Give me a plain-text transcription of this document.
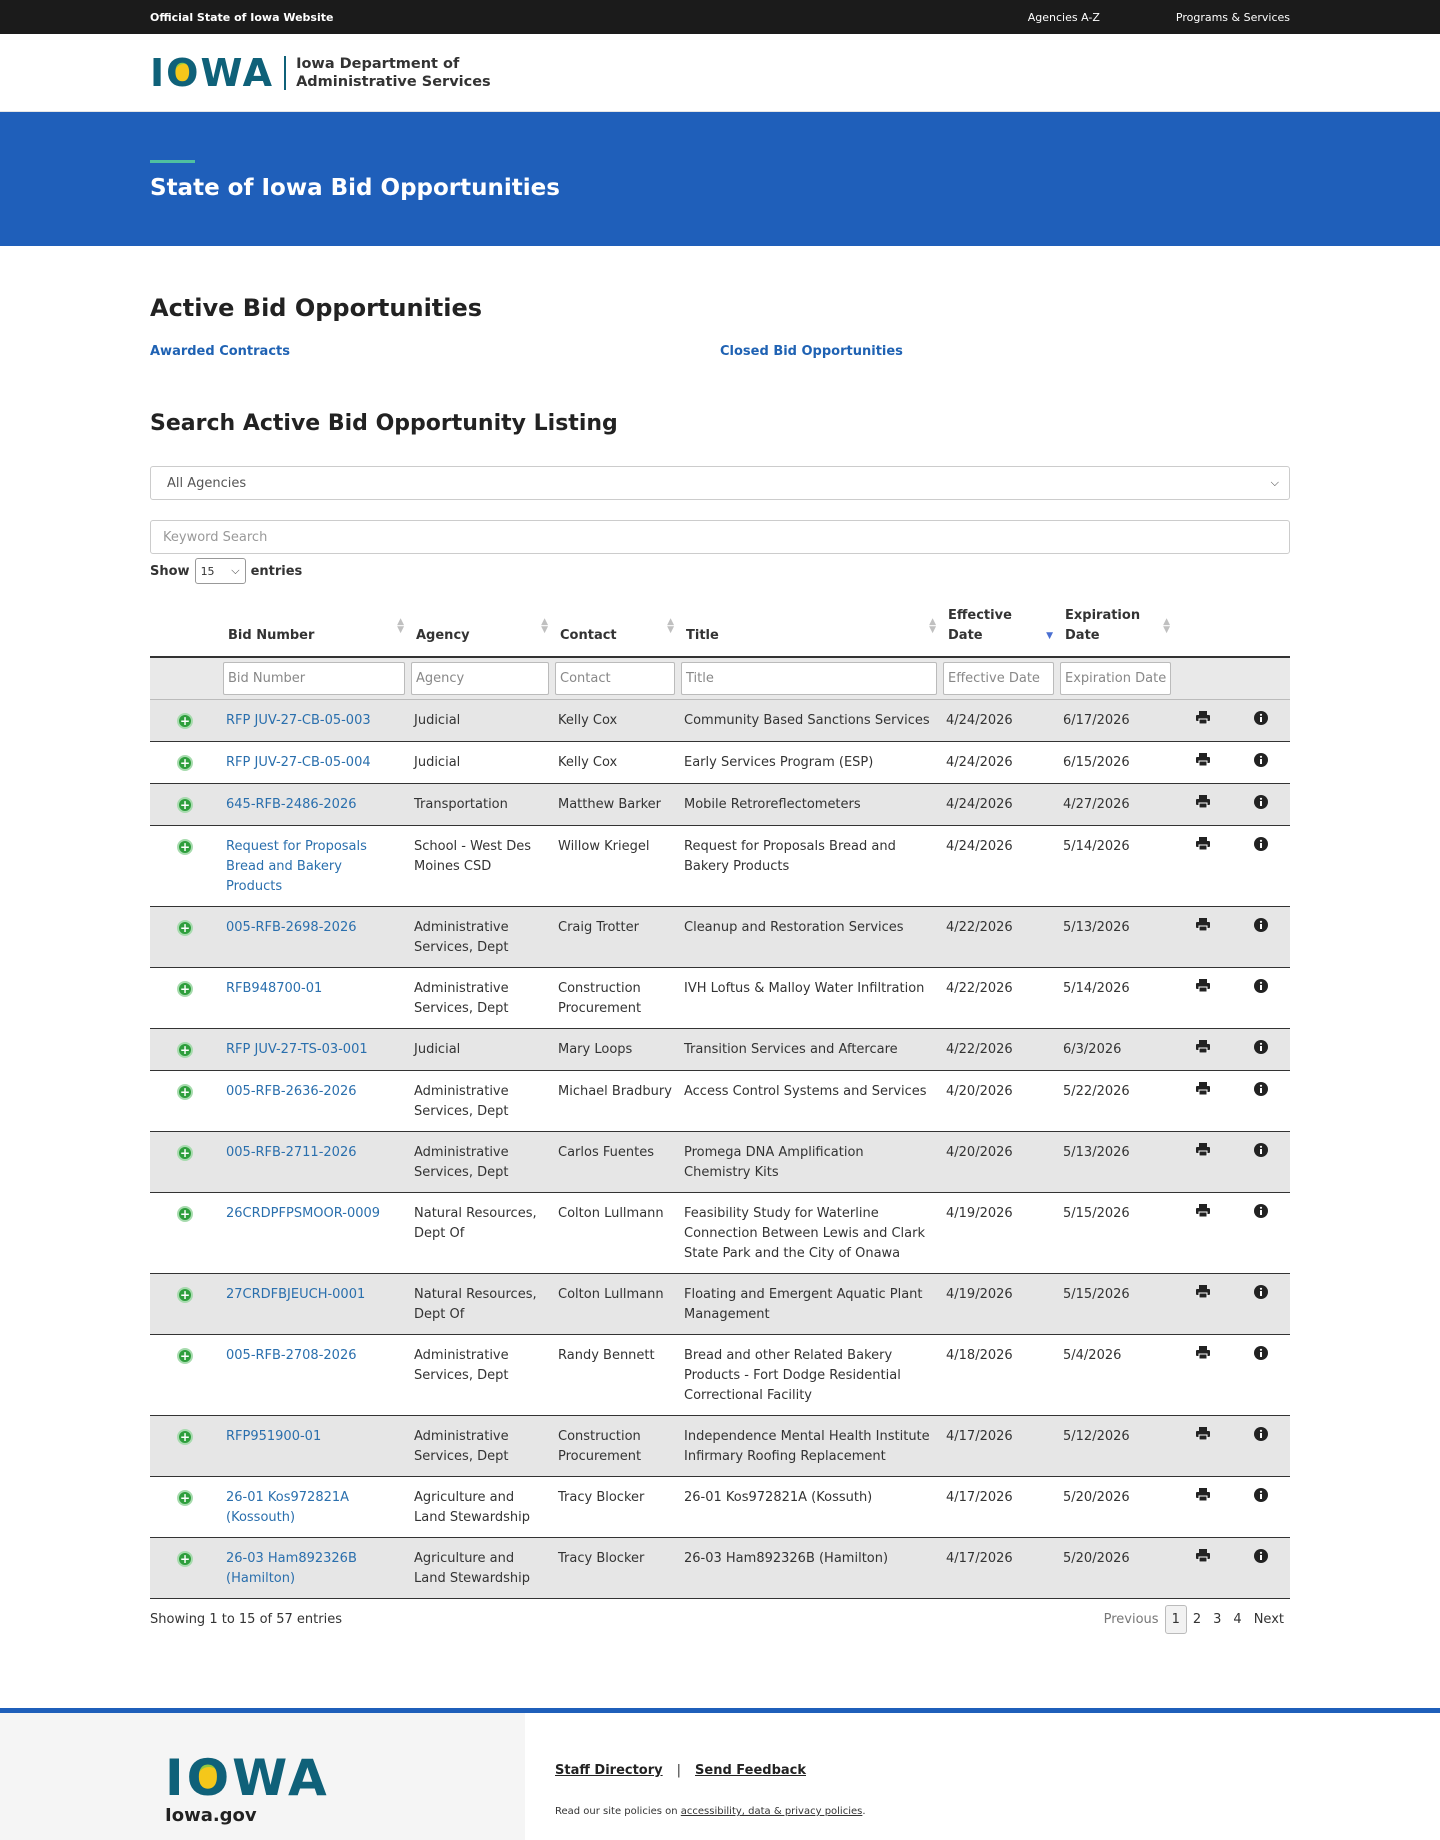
Official State of Iowa Website	Agencies A-Z	Programs & Services
IOWA Iowa Department of
Administrative Services
State of Iowa Bid Opportunities
Active Bid Opportunities
Awarded Contracts	Closed Bid Opportunities
Search Active Bid Opportunity Listing
All Agencies	⌵
Keyword Search
Show 15 ⌵ entries
	Bid Number
▲
▼	Agency
▲
▼	Contact
▲
▼	Title
▲
▼	Effective
Date ▼	Expiration
Date
▲
▼		

	Bid Number	Agency	Contact	Title	Effective Date	Expiration Date		

+	RFP JUV-27-CB-05-003	Judicial	Kelly Cox	Community Based Sanctions Services	4/24/2026	6/17/2026		
+	RFP JUV-27-CB-05-004	Judicial	Kelly Cox	Early Services Program (ESP)	4/24/2026	6/15/2026		
+	645-RFB-2486-2026	Transportation	Matthew Barker	Mobile Retroreflectometers	4/24/2026	4/27/2026		
+	Request for Proposals Bread and Bakery Products	School - West Des Moines CSD	Willow Kriegel	Request for Proposals Bread and Bakery Products	4/24/2026	5/14/2026		
+	005-RFB-2698-2026	Administrative Services, Dept	Craig Trotter	Cleanup and Restoration Services	4/22/2026	5/13/2026		
+	RFB948700-01	Administrative Services, Dept	Construction Procurement	IVH Loftus & Malloy Water Infiltration	4/22/2026	5/14/2026		
+	RFP JUV-27-TS-03-001	Judicial	Mary Loops	Transition Services and Aftercare	4/22/2026	6/3/2026		
+	005-RFB-2636-2026	Administrative Services, Dept	Michael Bradbury	Access Control Systems and Services	4/20/2026	5/22/2026		
+	005-RFB-2711-2026	Administrative Services, Dept	Carlos Fuentes	Promega DNA Amplification Chemistry Kits	4/20/2026	5/13/2026		
+	26CRDPFPSMOOR-0009	Natural Resources, Dept Of	Colton Lullmann	Feasibility Study for Waterline Connection Between Lewis and Clark State Park and the City of Onawa	4/19/2026	5/15/2026		
+	27CRDFBJEUCH-0001	Natural Resources, Dept Of	Colton Lullmann	Floating and Emergent Aquatic Plant Management	4/19/2026	5/15/2026		
+	005-RFB-2708-2026	Administrative Services, Dept	Randy Bennett	Bread and other Related Bakery Products - Fort Dodge Residential Correctional Facility	4/18/2026	5/4/2026		
+	RFP951900-01	Administrative Services, Dept	Construction Procurement	Independence Mental Health Institute Infirmary Roofing Replacement	4/17/2026	5/12/2026		
+	26-01 Kos972821A (Kossouth)	Agriculture and Land Stewardship	Tracy Blocker	26-01 Kos972821A (Kossuth)	4/17/2026	5/20/2026		
+	26-03 Ham892326B (Hamilton)	Agriculture and Land Stewardship	Tracy Blocker	26-03 Ham892326B (Hamilton)	4/17/2026	5/20/2026		
Showing 1 to 15 of 57 entries	Previous	1	2 3 4 Next
IOWA
Iowa.gov
Staff Directory | Send Feedback
Read our site policies on accessibility, data & privacy policies.
